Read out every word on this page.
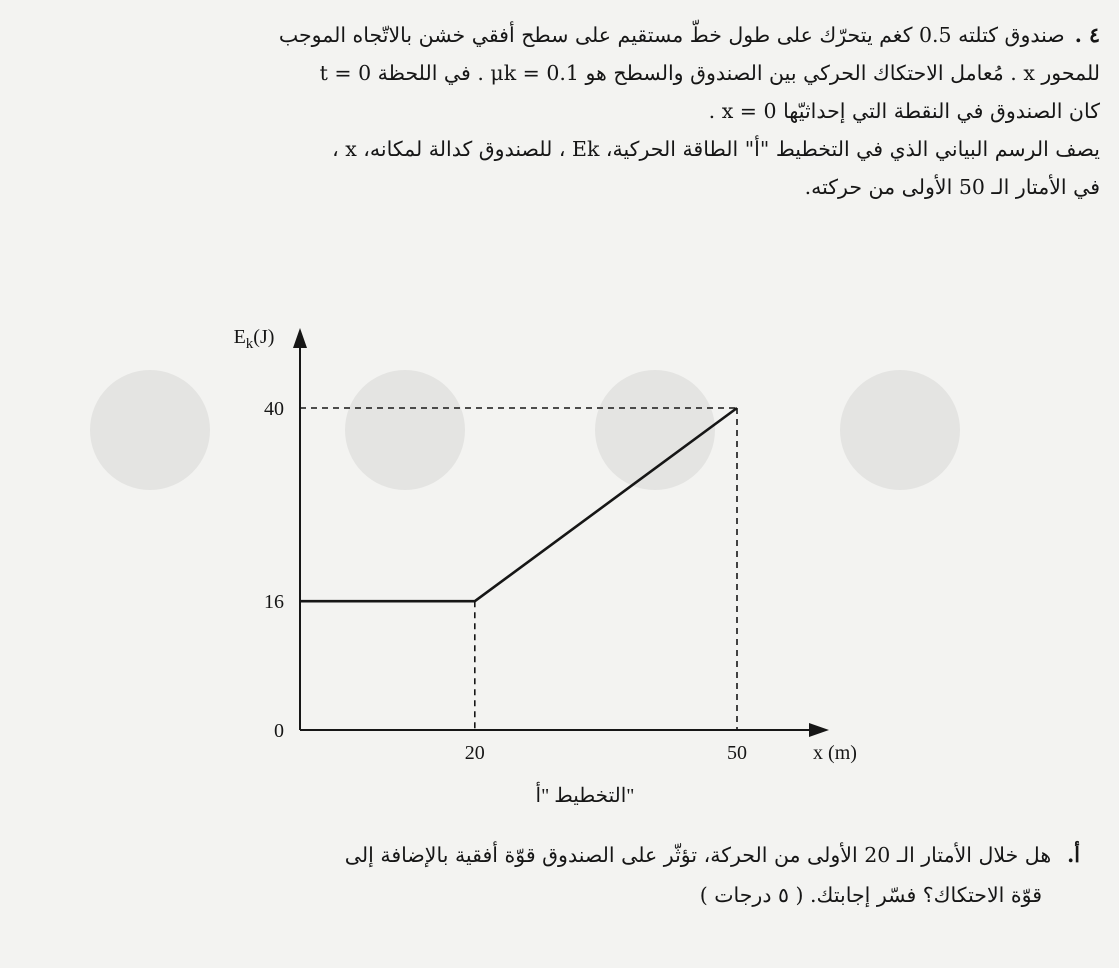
٤ .صندوق كتلته 0.5 كغم يتحرّك على طول خطّ مستقيم على سطح أفقي خشن بالاتّجاه الموجب

للمحور x . مُعامل الاحتكاك الحركي بين الصندوق والسطح هو μk = 0.1 . في اللحظة t = 0

كان الصندوق في النقطة التي إحداثيّها x = 0 .

يصف الرسم البياني الذي في التخطيط "أ" الطاقة الحركية، Ek ، للصندوق كدالة لمكانه، x ،

في الأمتار الـ 50 الأولى من حركته.

0
16
40
20	50
$E_k(J)$
x (m)
التخطيط "أ"

أ.هل خلال الأمتار الـ 20 الأولى من الحركة، تؤثّر على الصندوق قوّة أفقية بالإضافة إلى

قوّة الاحتكاك؟ فسّر إجابتك. ( ٥ درجات )
